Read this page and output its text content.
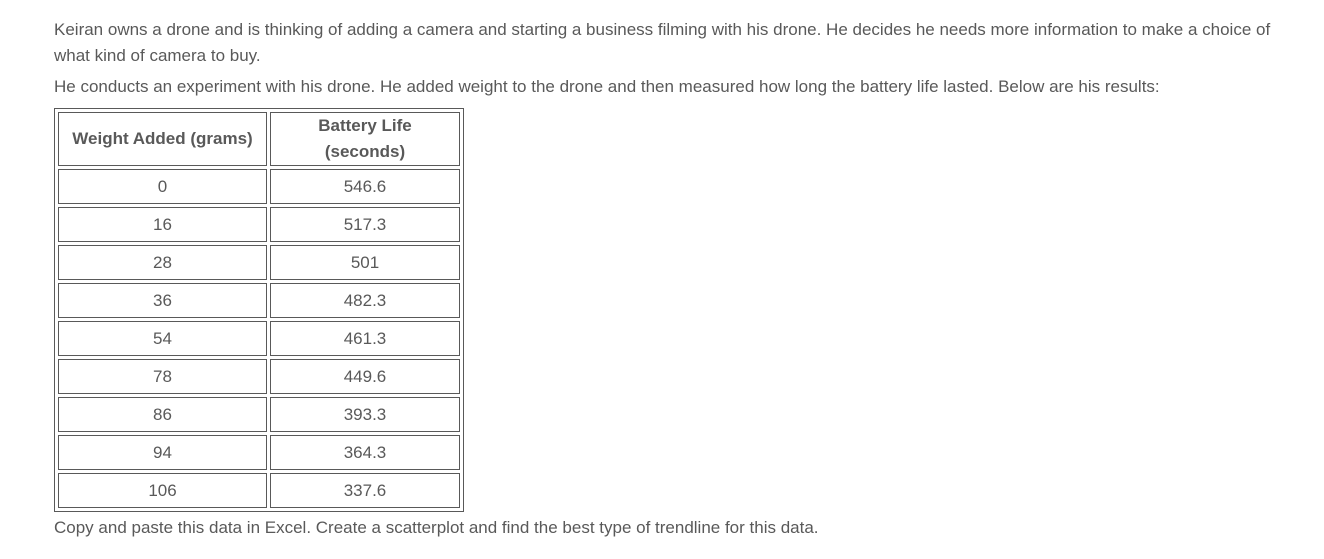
Keiran owns a drone and is thinking of adding a camera and starting a business filming with his drone. He decides he needs more information to make a choice of what kind of camera to buy.

He conducts an experiment with his drone. He added weight to the drone and then measured how long the battery life lasted. Below are his results:

Weight Added (grams)	Battery Life (seconds)
0	546.6
16	517.3
28	501
36	482.3
54	461.3
78	449.6
86	393.3
94	364.3
106	337.6

Copy and paste this data in Excel. Create a scatterplot and find the best type of trendline for this data.
